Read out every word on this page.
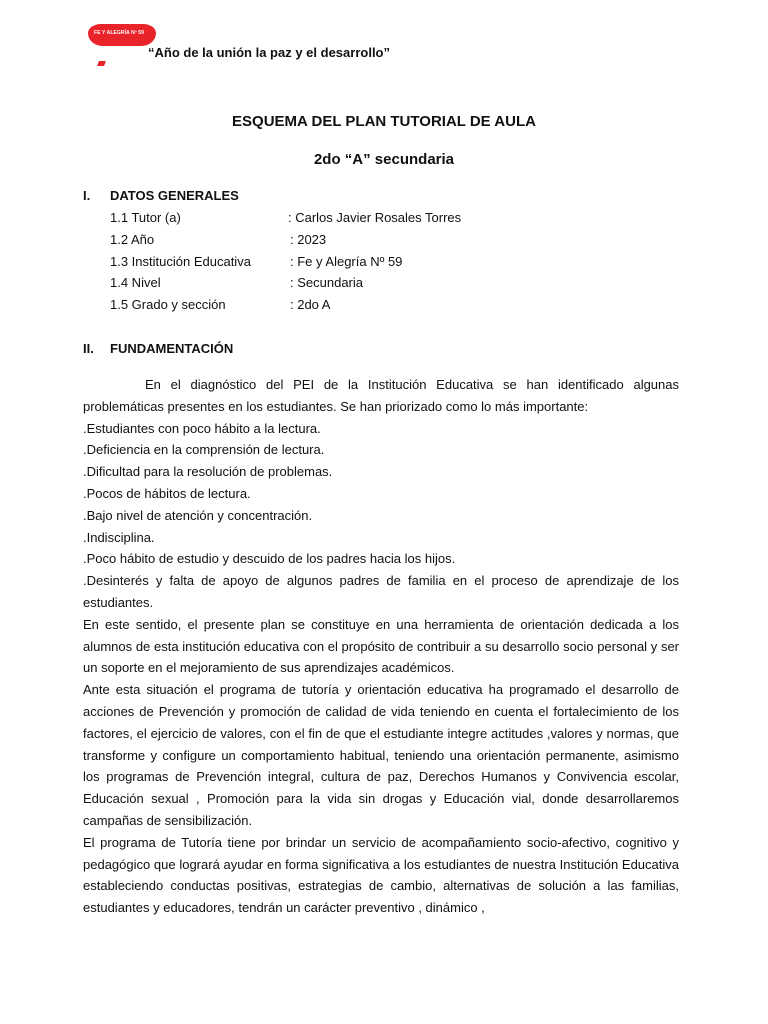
FE Y ALEGRÍA Nº 59
“Año de la unión la paz y el desarrollo”
ESQUEMA DEL PLAN TUTORIAL DE AULA
2do “A” secundaria
I. DATOS GENERALES
1.1 Tutor (a)	: Carlos Javier Rosales Torres
1.2 Año	: 2023
1.3 Institución Educativa	: Fe y Alegría Nº 59
1.4 Nivel	: Secundaria
1.5 Grado y sección	: 2do A
II. FUNDAMENTACIÓN

En el diagnóstico del PEI de la Institución Educativa se han identificado algunas problemáticas presentes en los estudiantes. Se han priorizado como lo más importante:

.Estudiantes con poco hábito a la lectura.

.Deficiencia en la comprensión de lectura.

.Dificultad para la resolución de problemas.

.Pocos de hábitos de lectura.

.Bajo nivel de atención y concentración.

.Indisciplina.

.Poco hábito de estudio y descuido de los padres hacia los hijos.

.Desinterés y falta de apoyo de algunos padres de familia en el proceso de aprendizaje de los estudiantes.

En este sentido, el presente plan se constituye en una herramienta de orientación dedicada a los alumnos de esta institución educativa con el propósito de contribuir a su desarrollo socio personal y ser un soporte en el mejoramiento de sus aprendizajes académicos.

Ante esta situación el programa de tutoría y orientación educativa ha programado el desarrollo de acciones de Prevención y promoción de calidad de vida teniendo en cuenta el fortalecimiento de los factores, el ejercicio de valores, con el fin de que el estudiante integre actitudes ,valores y normas, que transforme y configure un comportamiento habitual, teniendo una orientación permanente, asimismo los programas de Prevención integral, cultura de paz, Derechos Humanos y Convivencia escolar, Educación sexual , Promoción para la vida sin drogas y Educación vial, donde desarrollaremos campañas de sensibilización.

El programa de Tutoría tiene por brindar un servicio de acompañamiento socio-afectivo, cognitivo y pedagógico que logrará ayudar en forma significativa a los estudiantes de nuestra Institución Educativa estableciendo conductas positivas, estrategias de cambio, alternativas de solución a las familias, estudiantes y educadores, tendrán un carácter preventivo , dinámico ,
